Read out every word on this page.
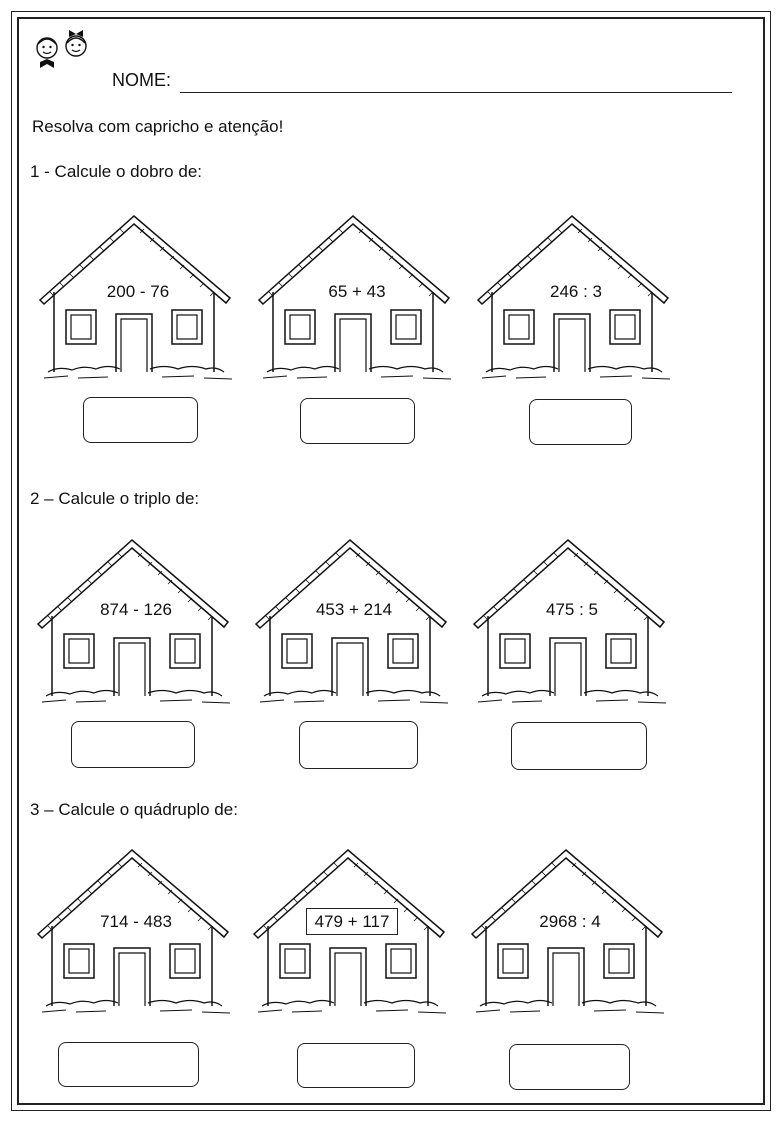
NOME:
Resolva com capricho e atenção!
1 - Calcule o dobro de:
2 – Calcule o triplo de:
3 – Calcule o quádruplo de:
200 - 76	65 + 43	246 : 3
874 - 126	453 + 214	475 : 5
714 - 483	479 + 117	2968 : 4
